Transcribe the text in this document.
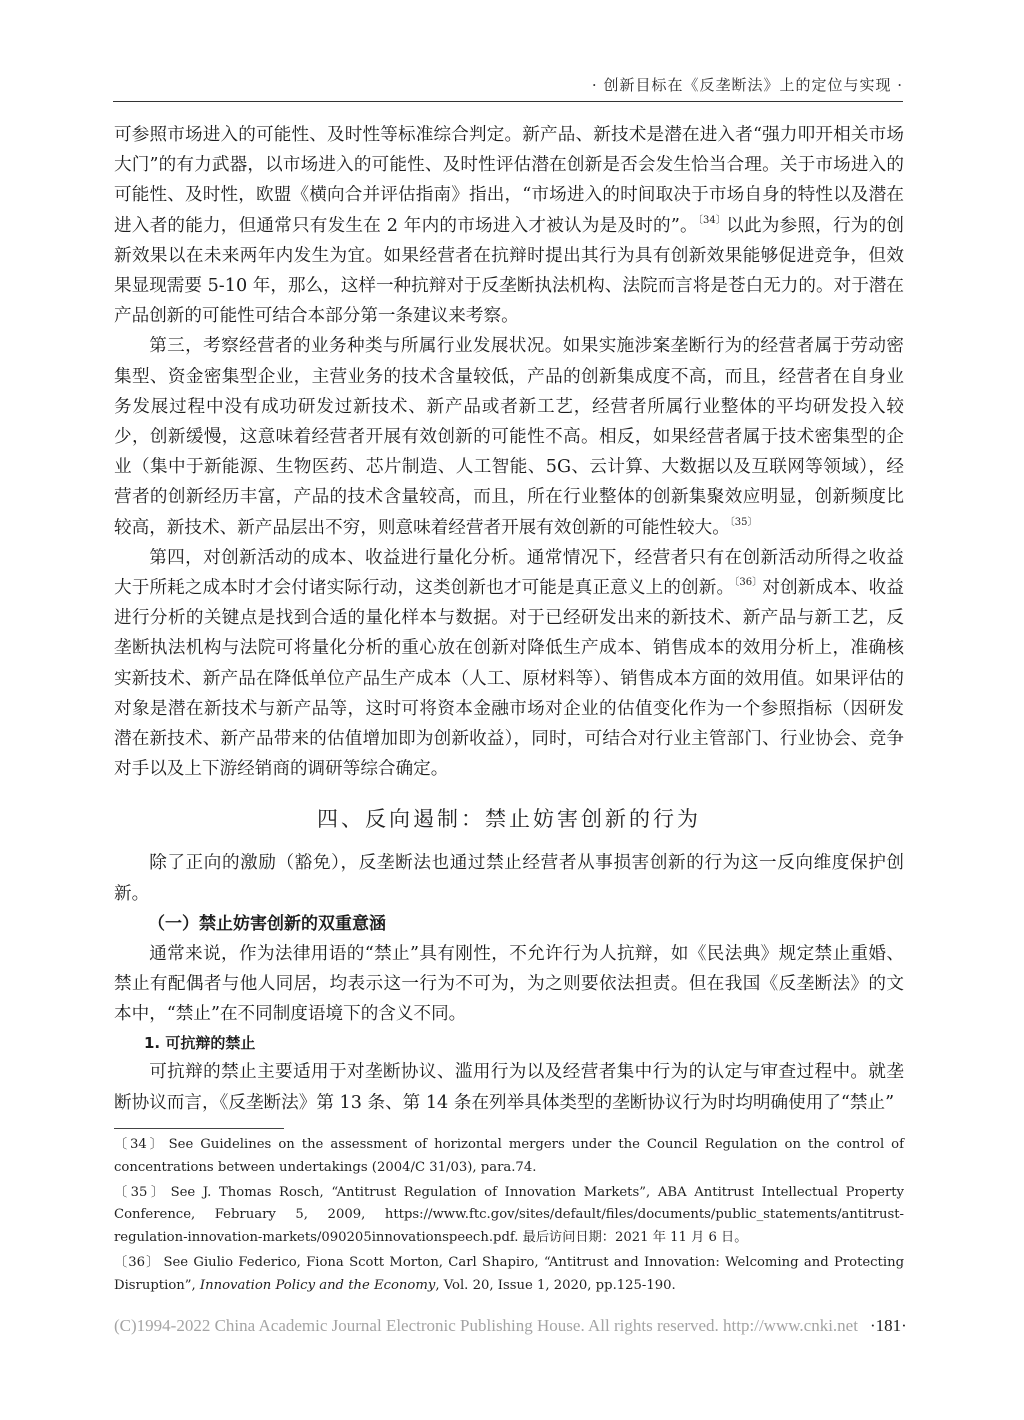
· 创新目标在《反垄断法》上的定位与实现 ·

可参照市场进入的可能性、及时性等标准综合判定。新产品、新技术是潜在进入者“强力叩开相关市场大门”的有力武器，以市场进入的可能性、及时性评估潜在创新是否会发生恰当合理。关于市场进入的可能性、及时性，欧盟《横向合并评估指南》指出，“市场进入的时间取决于市场自身的特性以及潜在进入者的能力，但通常只有发生在 2 年内的市场进入才被认为是及时的”。$^{〔34〕}$以此为参照，行为的创新效果以在未来两年内发生为宜。如果经营者在抗辩时提出其行为具有创新效果能够促进竞争，但效果显现需要 5-10 年，那么，这样一种抗辩对于反垄断执法机构、法院而言将是苍白无力的。对于潜在产品创新的可能性可结合本部分第一条建议来考察。

第三，考察经营者的业务种类与所属行业发展状况。如果实施涉案垄断行为的经营者属于劳动密集型、资金密集型企业，主营业务的技术含量较低，产品的创新集成度不高，而且，经营者在自身业务发展过程中没有成功研发过新技术、新产品或者新工艺，经营者所属行业整体的平均研发投入较少，创新缓慢，这意味着经营者开展有效创新的可能性不高。相反，如果经营者属于技术密集型的企业（集中于新能源、生物医药、芯片制造、人工智能、5G、云计算、大数据以及互联网等领域），经营者的创新经历丰富，产品的技术含量较高，而且，所在行业整体的创新集聚效应明显，创新频度比较高，新技术、新产品层出不穷，则意味着经营者开展有效创新的可能性较大。$^{〔35〕}$

第四，对创新活动的成本、收益进行量化分析。通常情况下，经营者只有在创新活动所得之收益大于所耗之成本时才会付诸实际行动，这类创新也才可能是真正意义上的创新。$^{〔36〕}$对创新成本、收益进行分析的关键点是找到合适的量化样本与数据。对于已经研发出来的新技术、新产品与新工艺，反垄断执法机构与法院可将量化分析的重心放在创新对降低生产成本、销售成本的效用分析上，准确核实新技术、新产品在降低单位产品生产成本（人工、原材料等）、销售成本方面的效用值。如果评估的对象是潜在新技术与新产品等，这时可将资本金融市场对企业的估值变化作为一个参照指标（因研发潜在新技术、新产品带来的估值增加即为创新收益），同时，可结合对行业主管部门、行业协会、竞争对手以及上下游经销商的调研等综合确定。

四、反向遏制：禁止妨害创新的行为

除了正向的激励（豁免），反垄断法也通过禁止经营者从事损害创新的行为这一反向维度保护创新。

（一）禁止妨害创新的双重意涵

通常来说，作为法律用语的“禁止”具有刚性，不允许行为人抗辩，如《民法典》规定禁止重婚、禁止有配偶者与他人同居，均表示这一行为不可为，为之则要依法担责。但在我国《反垄断法》的文本中，“禁止”在不同制度语境下的含义不同。

1. 可抗辩的禁止

可抗辩的禁止主要适用于对垄断协议、滥用行为以及经营者集中行为的认定与审查过程中。就垄断协议而言，《反垄断法》第 13 条、第 14 条在列举具体类型的垄断协议行为时均明确使用了“禁止”

〔34〕 See Guidelines on the assessment of horizontal mergers under the Council Regulation on the control of concentrations between undertakings (2004/C 31/03), para.74.

〔35〕 See J. Thomas Rosch, “Antitrust Regulation of Innovation Markets”, ABA Antitrust Intellectual Property Conference, February 5, 2009, https://www.ftc.gov/sites/default/files/documents/public_statements/antitrust-regulation-innovation-markets/090205innovationspeech.pdf. 最后访问日期：2021 年 11 月 6 日。

〔36〕 See Giulio Federico, Fiona Scott Morton, Carl Shapiro, “Antitrust and Innovation: Welcoming and Protecting Disruption”, Innovation Policy and the Economy, Vol. 20, Issue 1, 2020, pp.125-190.

(C)1994-2022 China Academic Journal Electronic Publishing House. All rights reserved. http://www.cnki.net ·181·
